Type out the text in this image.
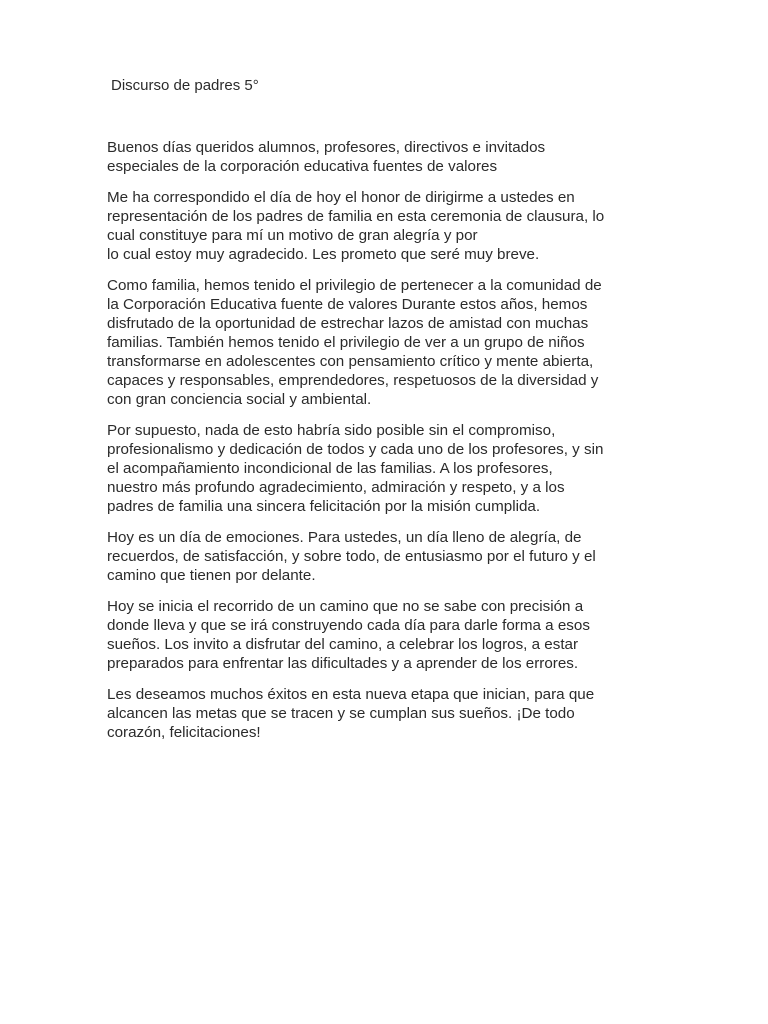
Discurso de padres 5°

Buenos días queridos alumnos, profesores, directivos e invitados
especiales de la corporación educativa fuentes de valores

Me ha correspondido el día de hoy el honor de dirigirme a ustedes en
representación de los padres de familia en esta ceremonia de clausura, lo
cual constituye para mí un motivo de gran alegría y por
lo cual estoy muy agradecido. Les prometo que seré muy breve.

Como familia, hemos tenido el privilegio de pertenecer a la comunidad de
la Corporación Educativa fuente de valores Durante estos años, hemos
disfrutado de la oportunidad de estrechar lazos de amistad con muchas
familias. También hemos tenido el privilegio de ver a un grupo de niños
transformarse en adolescentes con pensamiento crítico y mente abierta,
capaces y responsables, emprendedores, respetuosos de la diversidad y
con gran conciencia social y ambiental.

Por supuesto, nada de esto habría sido posible sin el compromiso,
profesionalismo y dedicación de todos y cada uno de los profesores, y sin
el acompañamiento incondicional de las familias. A los profesores,
nuestro más profundo agradecimiento, admiración y respeto, y a los
padres de familia una sincera felicitación por la misión cumplida.

Hoy es un día de emociones. Para ustedes, un día lleno de alegría, de
recuerdos, de satisfacción, y sobre todo, de entusiasmo por el futuro y el
camino que tienen por delante.

Hoy se inicia el recorrido de un camino que no se sabe con precisión a
donde lleva y que se irá construyendo cada día para darle forma a esos
sueños. Los invito a disfrutar del camino, a celebrar los logros, a estar
preparados para enfrentar las dificultades y a aprender de los errores.

Les deseamos muchos éxitos en esta nueva etapa que inician, para que
alcancen las metas que se tracen y se cumplan sus sueños. ¡De todo
corazón, felicitaciones!
